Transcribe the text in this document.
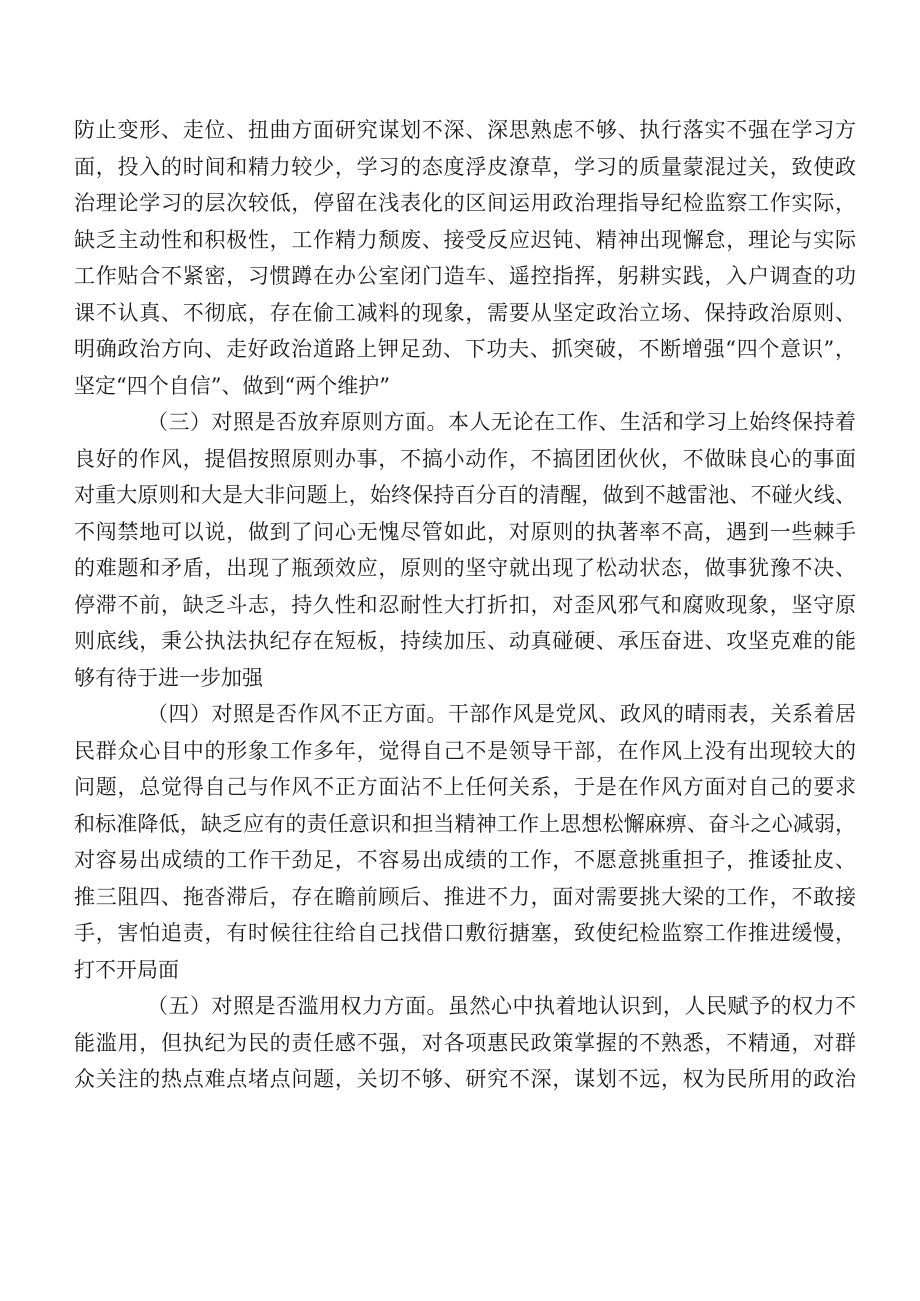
防止变形、走位、扭曲方面研究谋划不深、深思熟虑不够、执行落实不强在学习方
面，投入的时间和精力较少，学习的态度浮皮潦草，学习的质量蒙混过关，致使政
治理论学习的层次较低，停留在浅表化的区间运用政治理指导纪检监察工作实际，
缺乏主动性和积极性，工作精力颓废、接受反应迟钝、精神出现懈怠，理论与实际
工作贴合不紧密，习惯蹲在办公室闭门造车、遥控指挥，躬耕实践，入户调查的功
课不认真、不彻底，存在偷工减料的现象，需要从坚定政治立场、保持政治原则、
明确政治方向、走好政治道路上钾足劲、下功夫、抓突破，不断增强“四个意识”，
坚定“四个自信”、做到“两个维护”
（三）对照是否放弃原则方面。本人无论在工作、生活和学习上始终保持着
良好的作风，提倡按照原则办事，不搞小动作，不搞团团伙伙，不做昧良心的事面
对重大原则和大是大非问题上，始终保持百分百的清醒，做到不越雷池、不碰火线、
不闯禁地可以说，做到了问心无愧尽管如此，对原则的执著率不高，遇到一些棘手
的难题和矛盾，出现了瓶颈效应，原则的坚守就出现了松动状态，做事犹豫不决、
停滞不前，缺乏斗志，持久性和忍耐性大打折扣，对歪风邪气和腐败现象，坚守原
则底线，秉公执法执纪存在短板，持续加压、动真碰硬、承压奋进、攻坚克难的能
够有待于进一步加强
（四）对照是否作风不正方面。干部作风是党风、政风的晴雨表，关系着居
民群众心目中的形象工作多年，觉得自己不是领导干部，在作风上没有出现较大的
问题，总觉得自己与作风不正方面沾不上任何关系，于是在作风方面对自己的要求
和标准降低，缺乏应有的责任意识和担当精神工作上思想松懈麻痹、奋斗之心减弱，
对容易出成绩的工作干劲足，不容易出成绩的工作，不愿意挑重担子，推诿扯皮、
推三阻四、拖沓滞后，存在瞻前顾后、推进不力，面对需要挑大梁的工作，不敢接
手，害怕追责，有时候往往给自己找借口敷衍搪塞，致使纪检监察工作推进缓慢，
打不开局面
（五）对照是否滥用权力方面。虽然心中执着地认识到，人民赋予的权力不
能滥用，但执纪为民的责任感不强，对各项惠民政策掌握的不熟悉，不精通，对群
众关注的热点难点堵点问题，关切不够、研究不深，谋划不远，权为民所用的政治
